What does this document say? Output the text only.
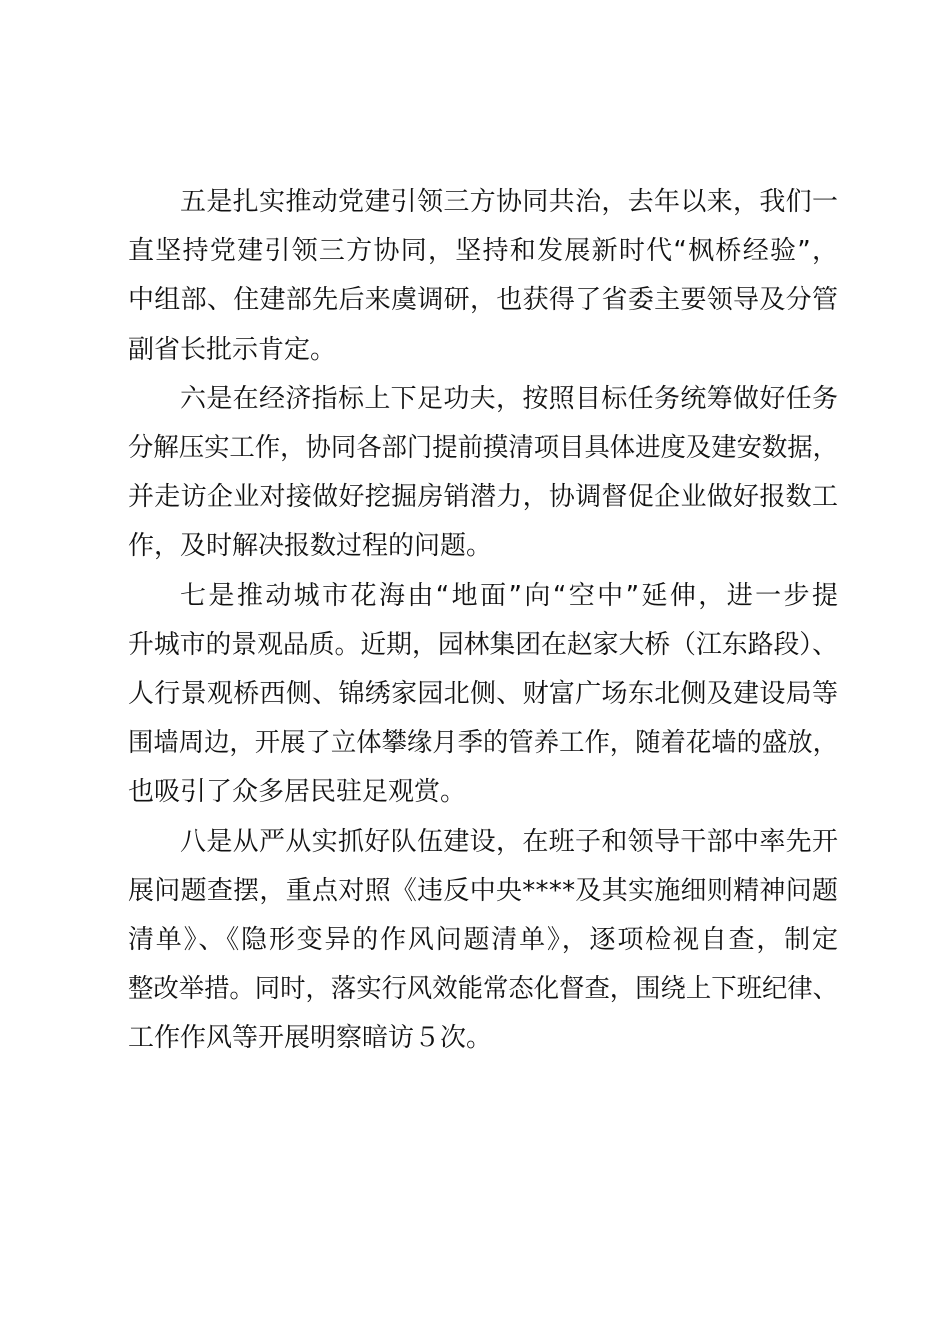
五是扎实推动党建引领三方协同共治，去年以来，我们一
直坚持党建引领三方协同，坚持和发展新时代“枫桥经验”，
中组部、住建部先后来虞调研，也获得了省委主要领导及分管
副省长批示肯定。

六是在经济指标上下足功夫，按照目标任务统筹做好任务
分解压实工作，协同各部门提前摸清项目具体进度及建安数据，
并走访企业对接做好挖掘房销潜力，协调督促企业做好报数工
作，及时解决报数过程的问题。

七是推动城市花海由“地面”向“空中”延伸，进一步提
升城市的景观品质。近期，园林集团在赵家大桥（江东路段）、
人行景观桥西侧、锦绣家园北侧、财富广场东北侧及建设局等
围墙周边，开展了立体攀缘月季的管养工作，随着花墙的盛放，
也吸引了众多居民驻足观赏。

八是从严从实抓好队伍建设，在班子和领导干部中率先开
展问题查摆，重点对照《违反中央****及其实施细则精神问题
清单》、《隐形变异的作风问题清单》，逐项检视自查，制定
整改举措。同时，落实行风效能常态化督查，围绕上下班纪律、
工作作风等开展明察暗访５次。
